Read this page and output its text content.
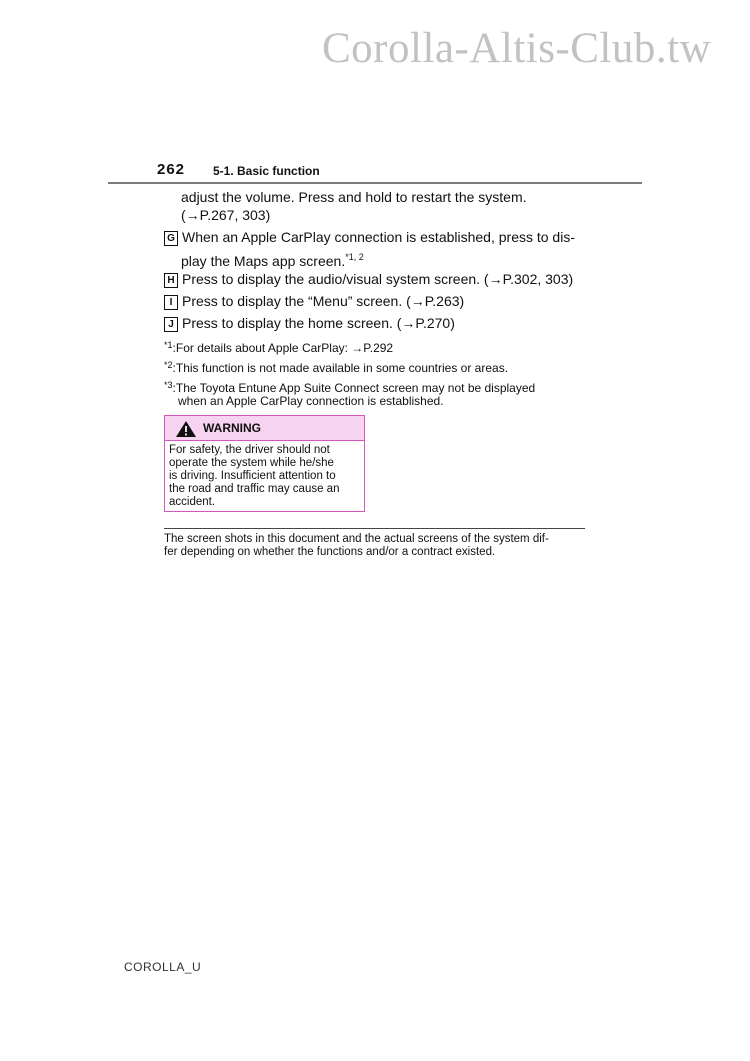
Corolla-Altis-Club.tw
262 5-1. Basic function
adjust the volume. Press and hold to restart the system.
(→P.267, 303)
G When an Apple CarPlay connection is established, press to dis-
play the Maps app screen.$^{*1, 2}$
H Press to display the audio/visual system screen. (→P.302, 303)
I Press to display the “Menu” screen. (→P.263)
J Press to display the home screen. (→P.270)
$^{*1}$:For details about Apple CarPlay: →P.292
$^{*2}$:This function is not made available in some countries or areas.
$^{*3}$:The Toyota Entune App Suite Connect screen may not be displayed
when an Apple CarPlay connection is established.
WARNING
For safety, the driver should not
operate the system while he/she
is driving. Insufficient attention to
the road and traffic may cause an
accident.
The screen shots in this document and the actual screens of the system dif-
fer depending on whether the functions and/or a contract existed.
COROLLA_U
